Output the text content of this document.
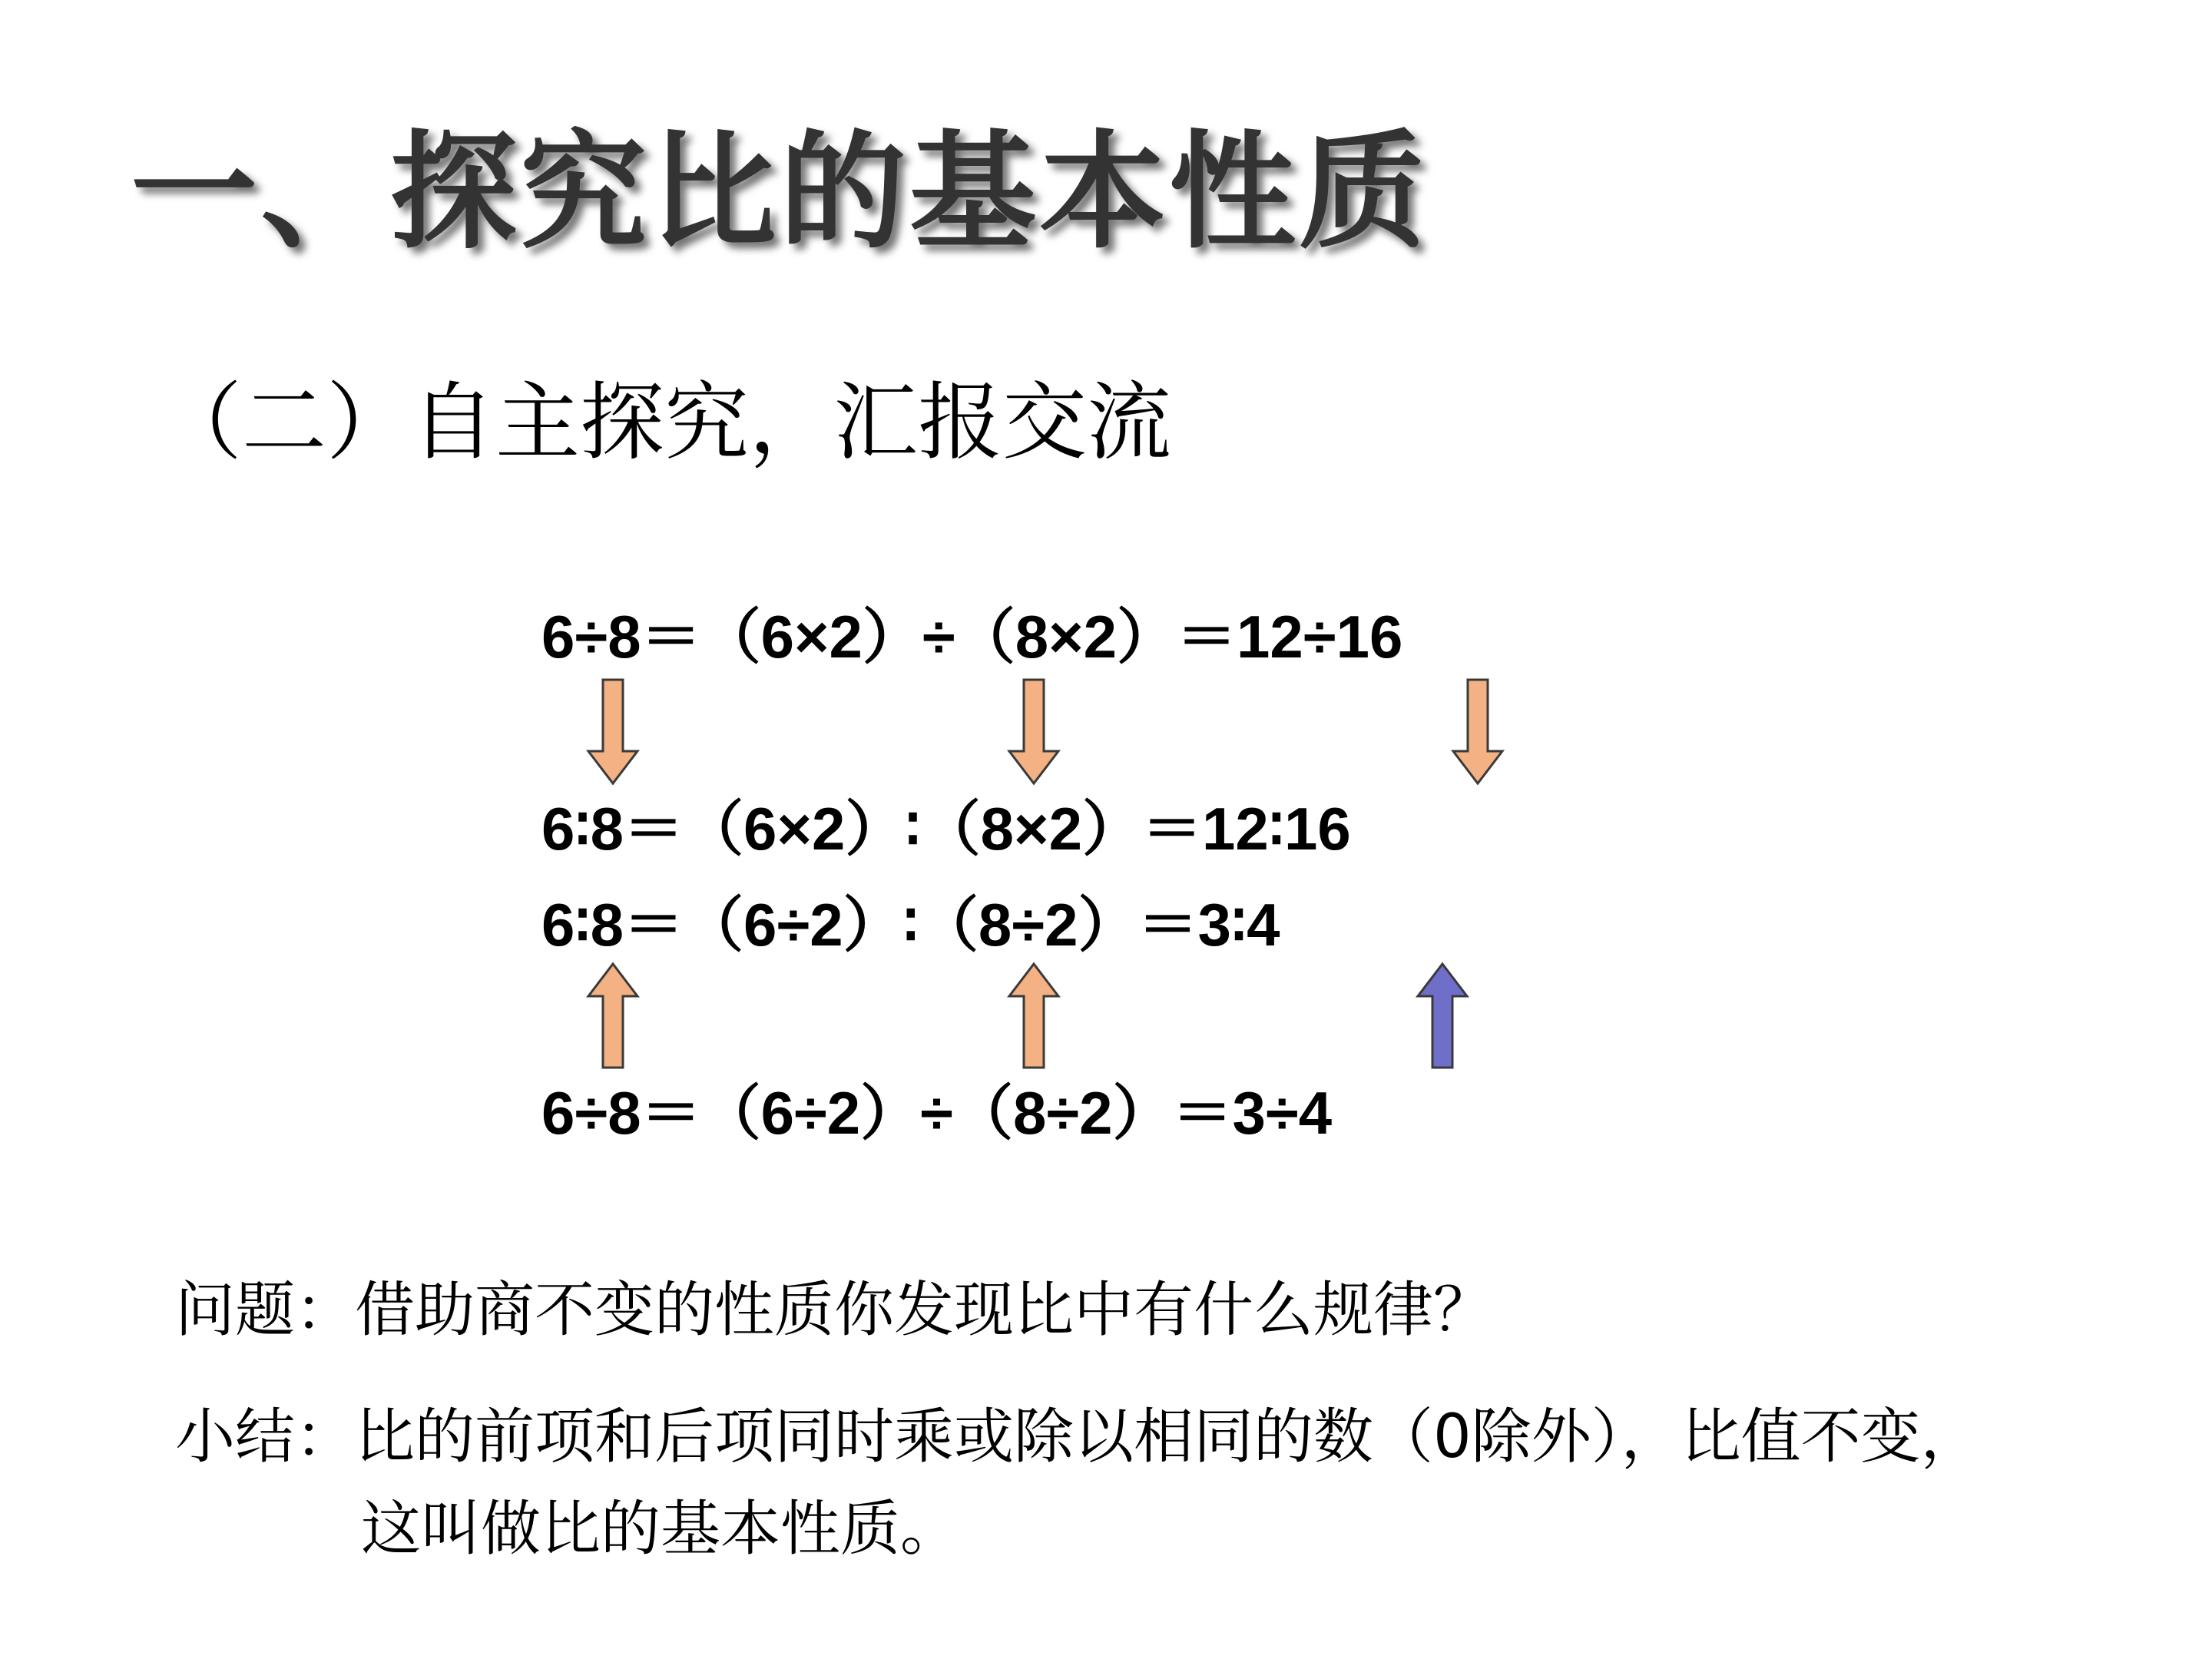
一、探究比的基本性质
（二）自主探究，汇报交流
6÷8＝（6×2）÷（8×2）＝12÷16
6∶8＝（6×2）∶（8×2）＝12∶16
6∶8＝（6÷2）∶（8÷2）＝3∶4
6÷8＝（6÷2）÷（8÷2）＝3÷4
问题：借助商不变的性质你发现比中有什么规律？
小结：比的前项和后项同时乘或除以相同的数（0除外），比值不变，
这叫做比的基本性质。
